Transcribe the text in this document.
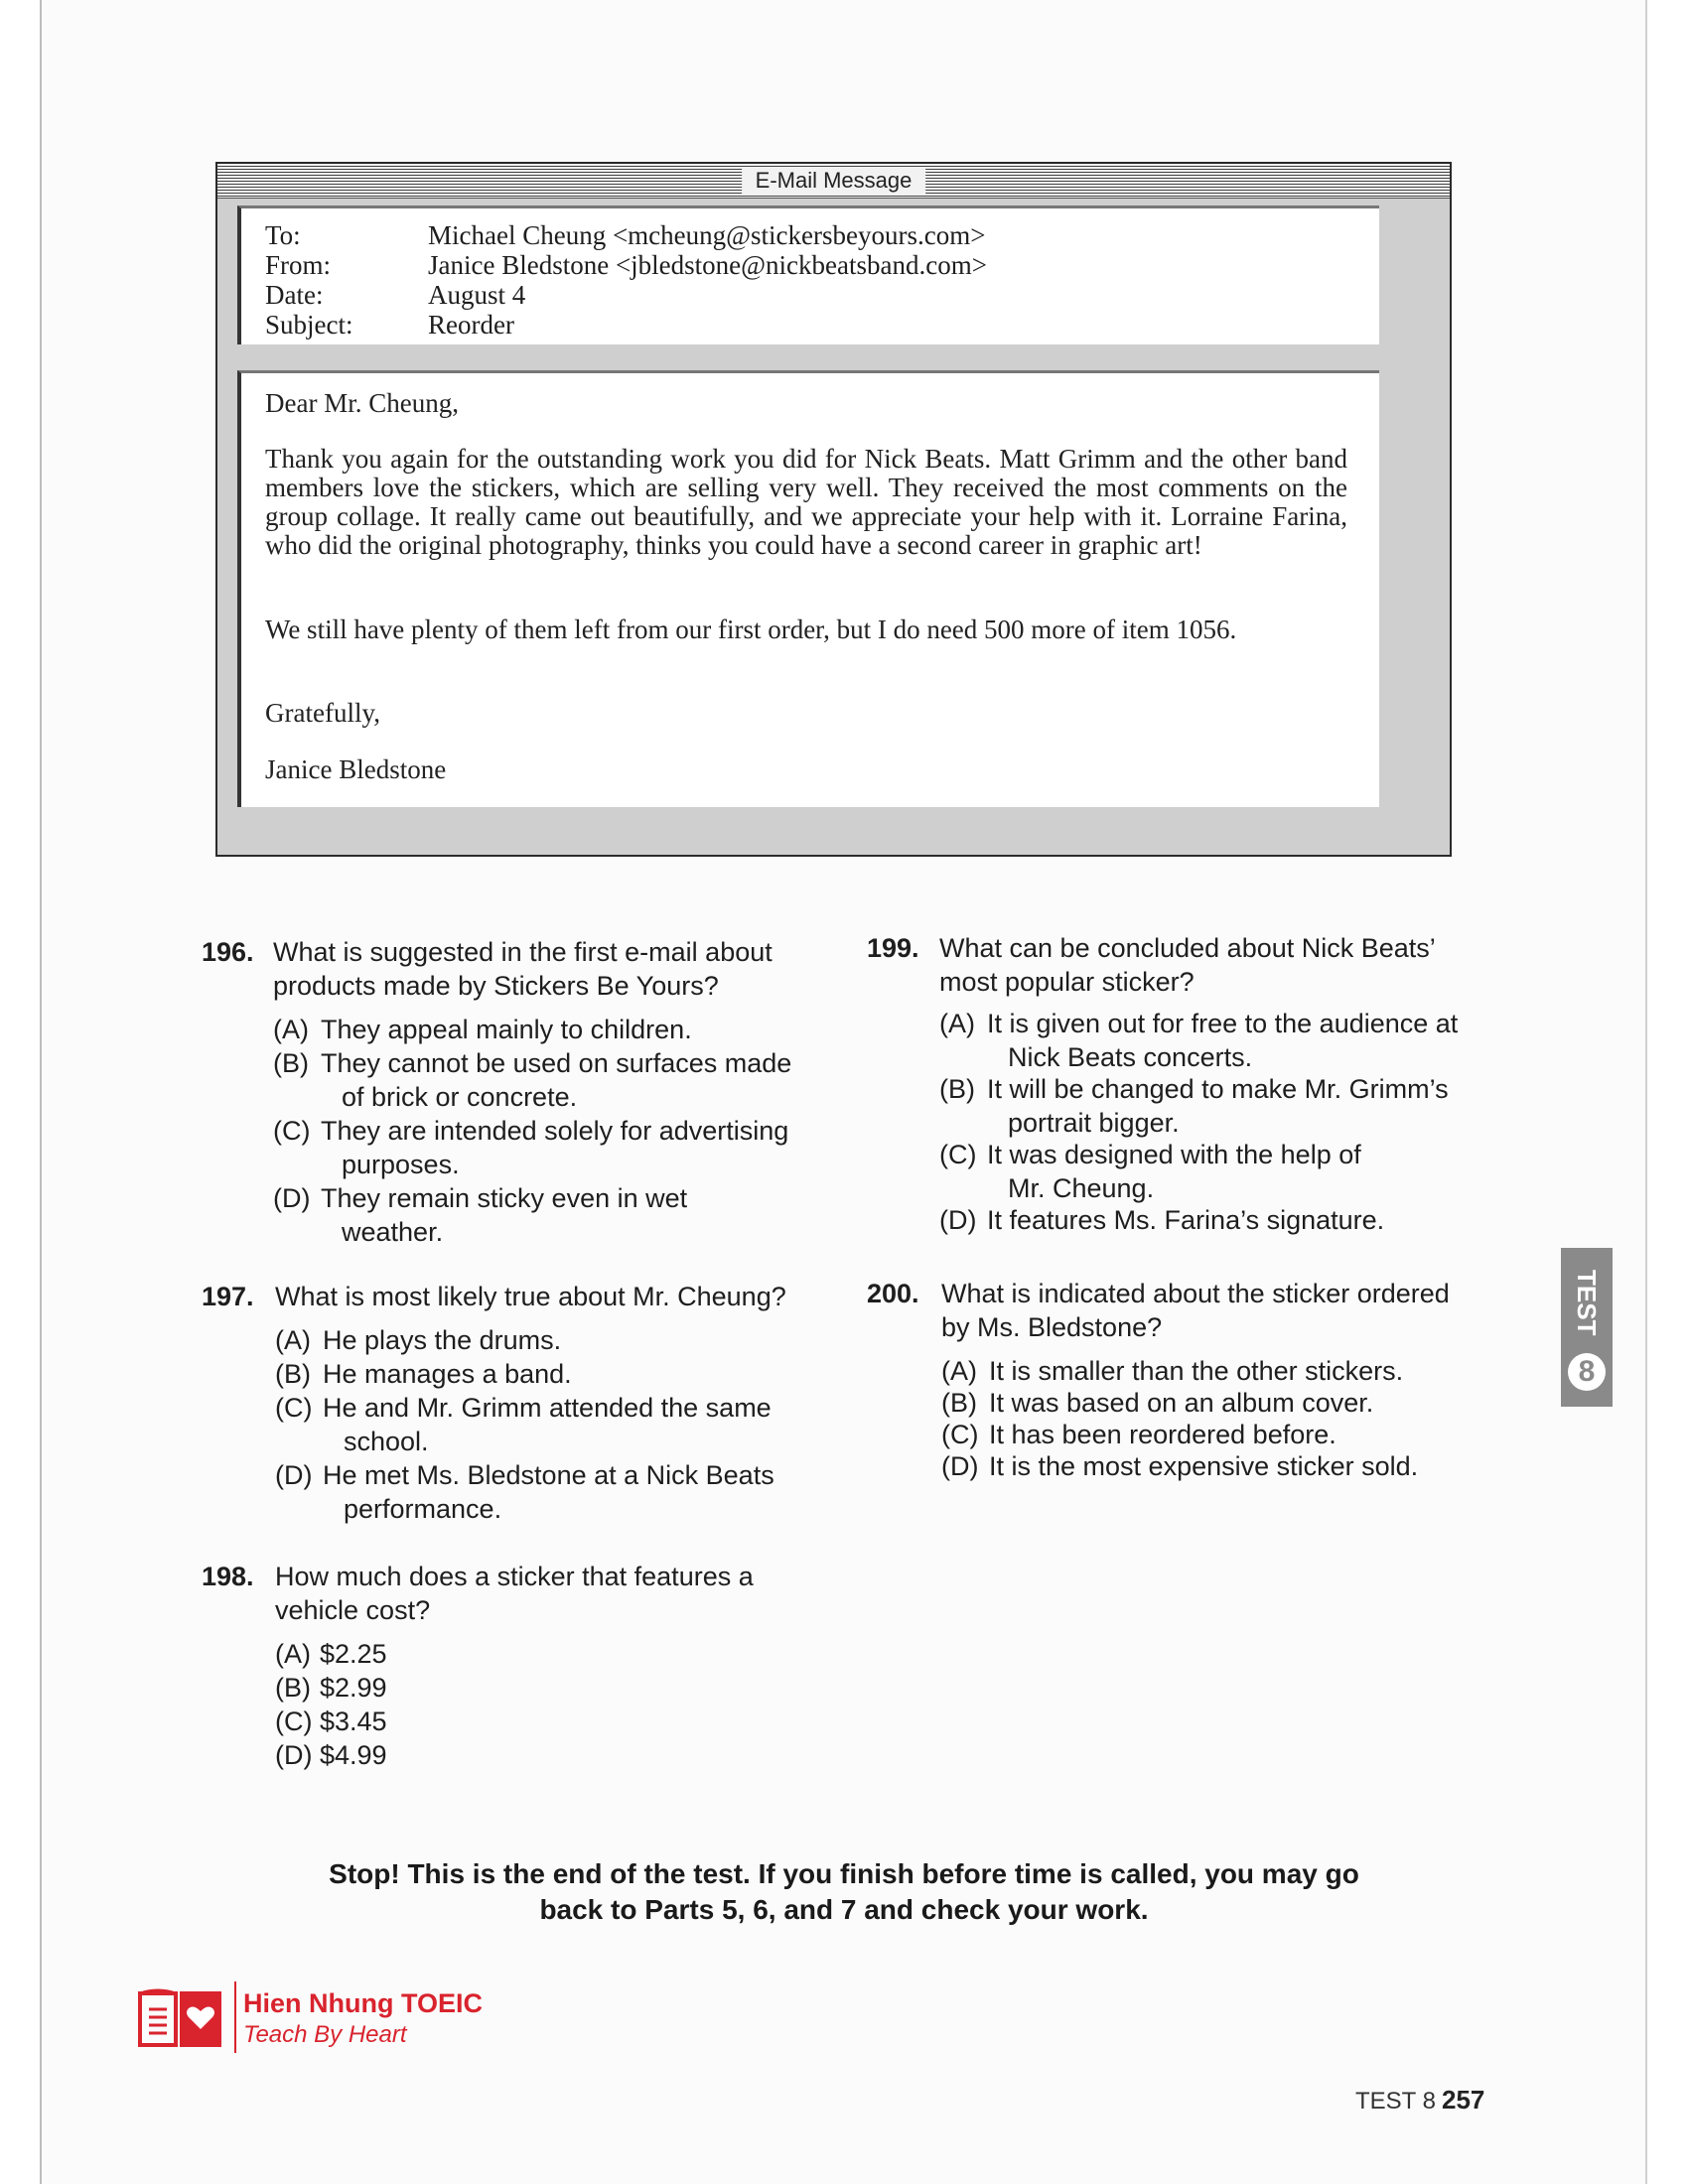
E-Mail Message
To:	Michael Cheung <mcheung@stickersbeyours.com>
From:	Janice Bledstone <jbledstone@nickbeatsband.com>
Date:	August 4
Subject:	Reorder

Dear Mr. Cheung,

Thank you again for the outstanding work you did for Nick Beats. Matt Grimm and the other band members love the stickers, which are selling very well. They received the most comments on the group collage. It really came out beautifully, and we appreciate your help with it. Lorraine Farina, who did the original photography, thinks you could have a second career in graphic art!

We still have plenty of them left from our first order, but I do need 500 more of item 1056.

Gratefully,

Janice Bledstone

196. What is suggested in the first e-mail about
products made by Stickers Be Yours?
(A) They appeal mainly to children.
(B) They cannot be used on surfaces made
of brick or concrete.
(C) They are intended solely for advertising
purposes.
(D) They remain sticky even in wet
weather.
197. What is most likely true about Mr. Cheung?
(A) He plays the drums.
(B) He manages a band.
(C) He and Mr. Grimm attended the same
school.
(D) He met Ms. Bledstone at a Nick Beats
performance.
198. How much does a sticker that features a
vehicle cost?
(A) $2.25
(B) $2.99
(C) $3.45
(D) $4.99
199. What can be concluded about Nick Beats’
most popular sticker?
(A) It is given out for free to the audience at
Nick Beats concerts.
(B) It will be changed to make Mr. Grimm’s
portrait bigger.
(C) It was designed with the help of
Mr. Cheung.
(D) It features Ms. Farina’s signature.
200. What is indicated about the sticker ordered
by Ms. Bledstone?
(A) It is smaller than the other stickers.
(B) It was based on an album cover.
(C) It has been reordered before.
(D) It is the most expensive sticker sold.
Stop! This is the end of the test. If you finish before time is called, you may go
back to Parts 5, 6, and 7 and check your work.
TEST
8
Hien Nhung TOEIC
Teach By Heart
TEST 8 257
